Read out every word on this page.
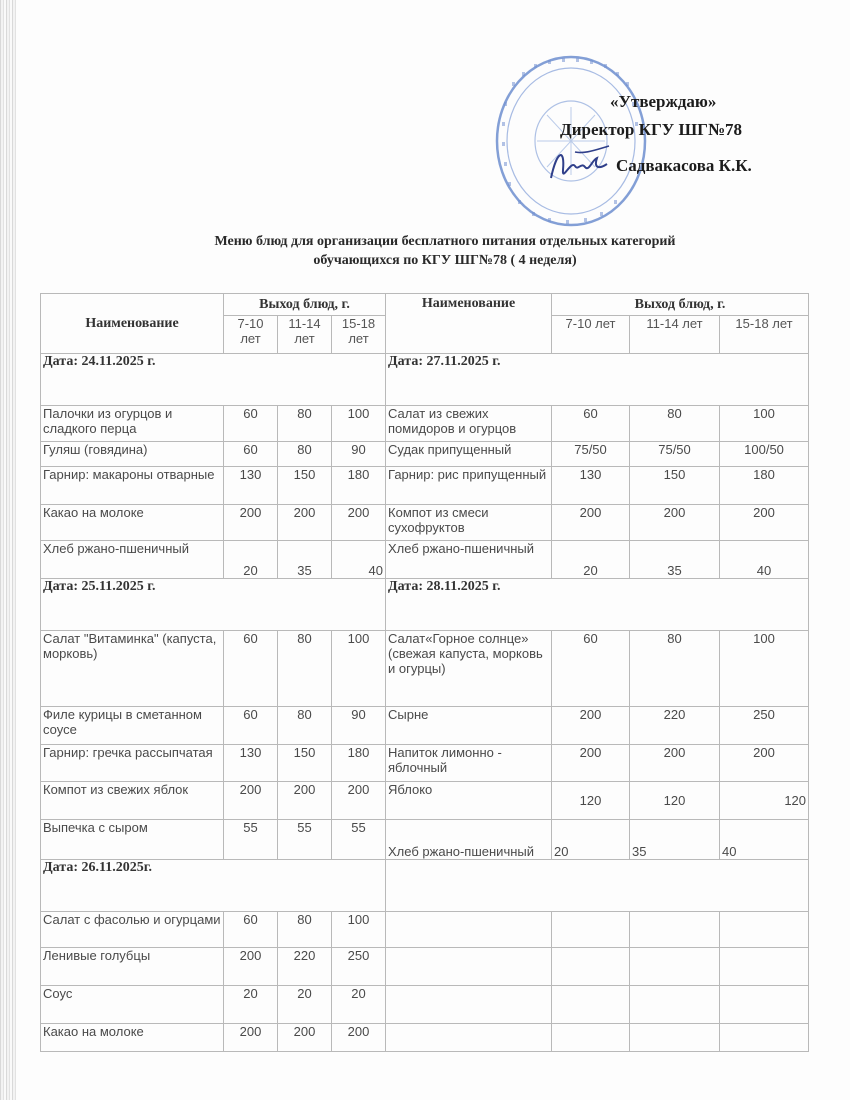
«Утверждаю»
Директор КГУ ШГ№78
Садвакасова К.К.
Меню блюд для организации бесплатного питания отдельных категорий
обучающихся по КГУ ШГ№78 ( 4 неделя)
Наименование	Выход блюд, г.			Наименование	Выход блюд, г.		
	7-10 лет	11-14 лет	15-18 лет		7-10 лет	11-14 лет	15-18 лет
Дата: 24.11.2025 г.				Дата: 27.11.2025 г.			
Палочки из огурцов и сладкого перца	60	80	100	Салат из свежих помидоров и огурцов	60	80	100
Гуляш (говядина)	60	80	90	Судак припущенный	75/50	75/50	100/50
Гарнир: макароны отварные	130	150	180	Гарнир: рис припущенный	130	150	180
Какао на молоке	200	200	200	Компот из смеси сухофруктов	200	200	200
Хлеб ржано-пшеничный	20	35	40	Хлеб ржано-пшеничный	20	35	40
Дата: 25.11.2025 г.				Дата: 28.11.2025 г.			
Салат "Витаминка" (капуста, морковь)	60	80	100	Салат«Горное солнце» (свежая капуста, морковь и огурцы)	60	80	100
Филе курицы в сметанном соусе	60	80	90	Сырне	200	220	250
Гарнир: гречка рассыпчатая	130	150	180	Напиток лимонно - яблочный	200	200	200
Компот из свежих яблок	200	200	200	Яблоко	120	120	120
Выпечка с сыром	55	55	55	Хлеб ржано-пшеничный	20	35	40
Дата: 26.11.2025г.							
Салат с фасолью и огурцами	60	80	100				
Ленивые голубцы	200	220	250				
Соус	20	20	20				
Какао на молоке	200	200	200				
